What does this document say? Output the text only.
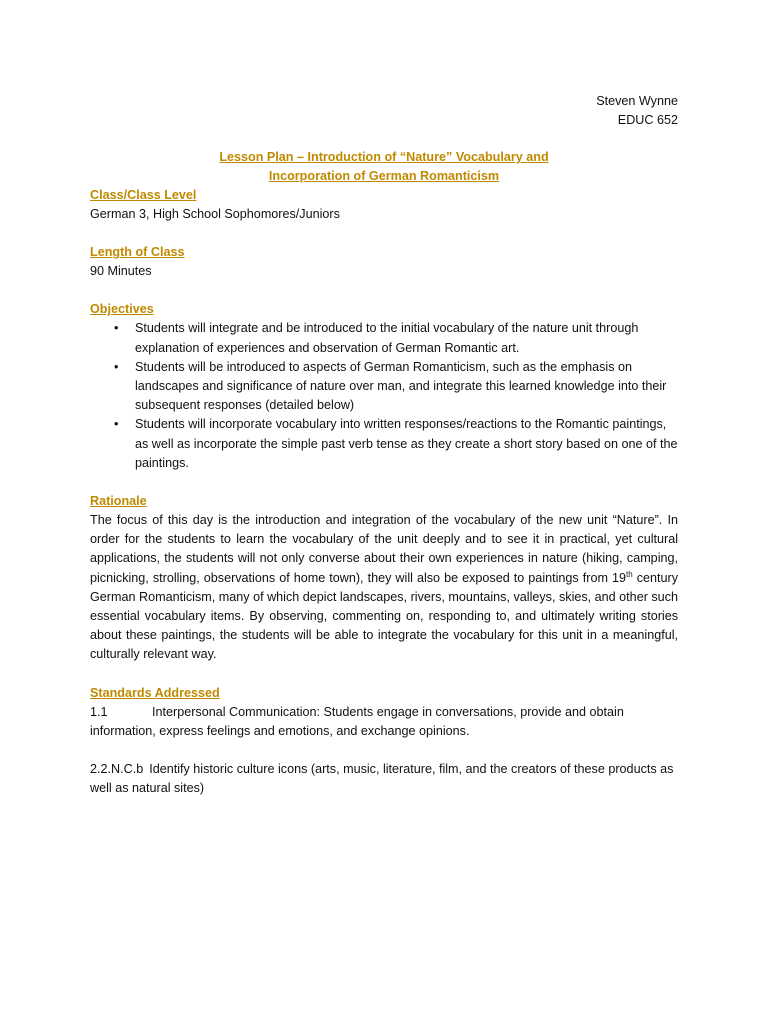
Steven Wynne
EDUC 652
Lesson Plan – Introduction of “Nature” Vocabulary and
Incorporation of German Romanticism
Class/Class Level
German 3, High School Sophomores/Juniors
Length of Class
90 Minutes
Objectives
• Students will integrate and be introduced to the initial vocabulary of the nature unit through explanation of experiences and observation of German Romantic art.
• Students will be introduced to aspects of German Romanticism, such as the emphasis on landscapes and significance of nature over man, and integrate this learned knowledge into their subsequent responses (detailed below)
• Students will incorporate vocabulary into written responses/reactions to the Romantic paintings, as well as incorporate the simple past verb tense as they create a short story based on one of the paintings.
Rationale
The focus of this day is the introduction and integration of the vocabulary of the new unit “Nature”. In order for the students to learn the vocabulary of the unit deeply and to see it in practical, yet cultural applications, the students will not only converse about their own experiences in nature (hiking, camping, picnicking, strolling, observations of home town), they will also be exposed to paintings from 19th century German Romanticism, many of which depict landscapes, rivers, mountains, valleys, skies, and other such essential vocabulary items. By observing, commenting on, responding to, and ultimately writing stories about these paintings, the students will be able to integrate the vocabulary for this unit in a meaningful, culturally relevant way.
Standards Addressed
1.1	Interpersonal Communication: Students engage in conversations, provide and obtain information, express feelings and emotions, and exchange opinions.
2.2.N.C.b Identify historic culture icons (arts, music, literature, film, and the creators of these products as well as natural sites)
